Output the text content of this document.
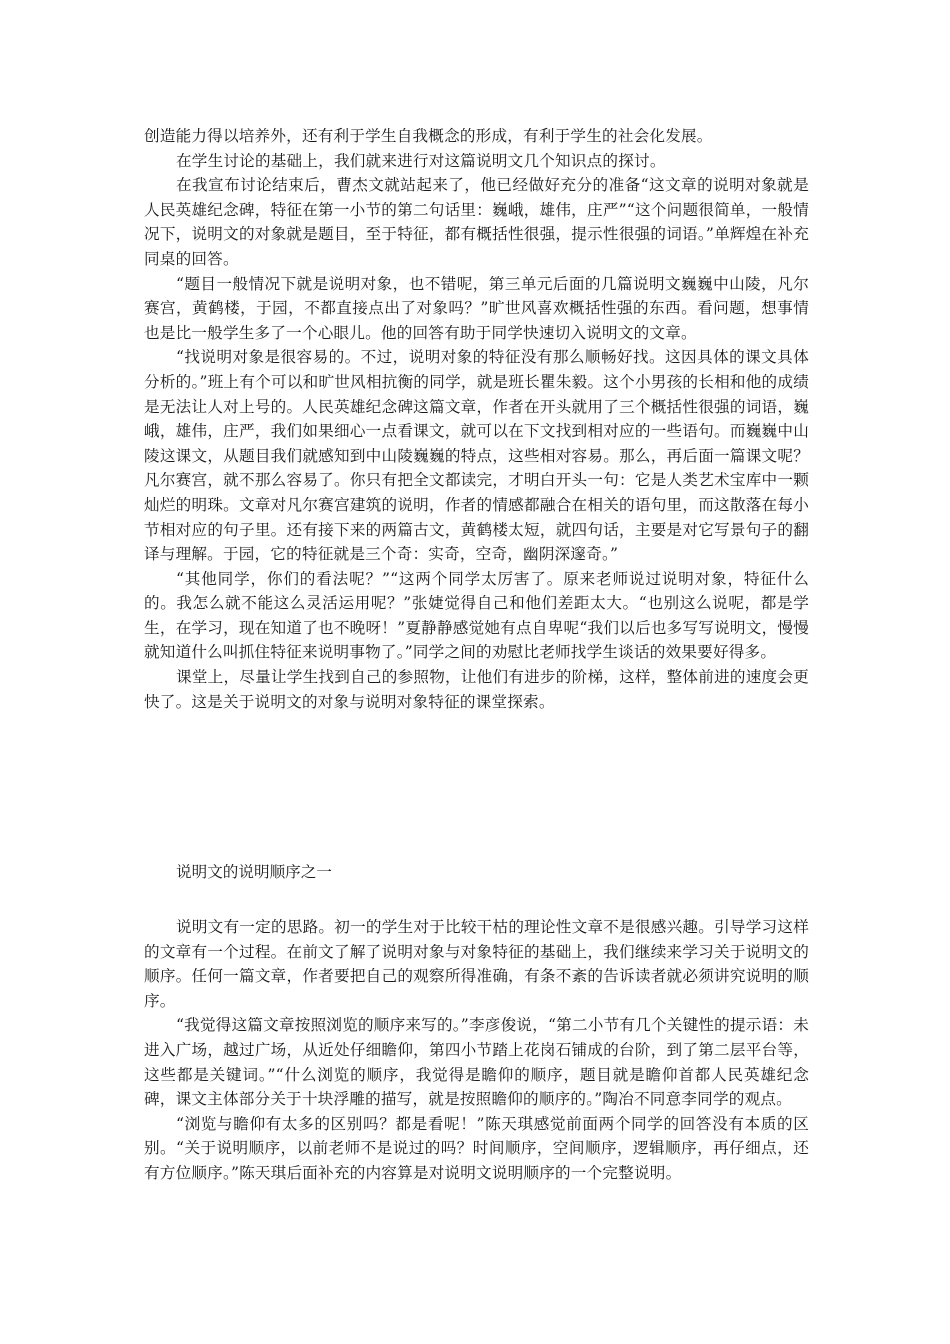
创造能力得以培养外，还有利于学生自我概念的形成，有利于学生的社会化发展。

在学生讨论的基础上，我们就来进行对这篇说明文几个知识点的探讨。

在我宣布讨论结束后，曹杰文就站起来了，他已经做好充分的准备“这文章的说明对象就是人民英雄纪念碑，特征在第一小节的第二句话里：巍峨，雄伟，庄严”“这个问题很简单，一般情况下，说明文的对象就是题目，至于特征，都有概括性很强，提示性很强的词语。”单辉煌在补充同桌的回答。

“题目一般情况下就是说明对象，也不错呢，第三单元后面的几篇说明文巍巍中山陵，凡尔赛宫，黄鹤楼，于园，不都直接点出了对象吗？”旷世风喜欢概括性强的东西。看问题，想事情也是比一般学生多了一个心眼儿。他的回答有助于同学快速切入说明文的文章。

“找说明对象是很容易的。不过，说明对象的特征没有那么顺畅好找。这因具体的课文具体分析的。”班上有个可以和旷世风相抗衡的同学，就是班长瞿朱毅。这个小男孩的长相和他的成绩是无法让人对上号的。人民英雄纪念碑这篇文章，作者在开头就用了三个概括性很强的词语，巍峨，雄伟，庄严，我们如果细心一点看课文，就可以在下文找到相对应的一些语句。而巍巍中山陵这课文，从题目我们就感知到中山陵巍巍的特点，这些相对容易。那么，再后面一篇课文呢？凡尔赛宫，就不那么容易了。你只有把全文都读完，才明白开头一句：它是人类艺术宝库中一颗灿烂的明珠。文章对凡尔赛宫建筑的说明，作者的情感都融合在相关的语句里，而这散落在每小节相对应的句子里。还有接下来的两篇古文，黄鹤楼太短，就四句话，主要是对它写景句子的翻译与理解。于园，它的特征就是三个奇：实奇，空奇，幽阴深邃奇。”

“其他同学，你们的看法呢？”“这两个同学太厉害了。原来老师说过说明对象，特征什么的。我怎么就不能这么灵活运用呢？”张婕觉得自己和他们差距太大。“也别这么说呢，都是学生，在学习，现在知道了也不晚呀！”夏静静感觉她有点自卑呢“我们以后也多写写说明文，慢慢就知道什么叫抓住特征来说明事物了。”同学之间的劝慰比老师找学生谈话的效果要好得多。

课堂上，尽量让学生找到自己的参照物，让他们有进步的阶梯，这样，整体前进的速度会更快了。这是关于说明文的对象与说明对象特征的课堂探索。

说明文的说明顺序之一

说明文有一定的思路。初一的学生对于比较干枯的理论性文章不是很感兴趣。引导学习这样的文章有一个过程。在前文了解了说明对象与对象特征的基础上，我们继续来学习关于说明文的顺序。任何一篇文章，作者要把自己的观察所得准确，有条不紊的告诉读者就必须讲究说明的顺序。

“我觉得这篇文章按照浏览的顺序来写的。”李彦俊说，“第二小节有几个关键性的提示语：未进入广场，越过广场，从近处仔细瞻仰，第四小节踏上花岗石铺成的台阶，到了第二层平台等，这些都是关键词。”“什么浏览的顺序，我觉得是瞻仰的顺序，题目就是瞻仰首都人民英雄纪念碑，课文主体部分关于十块浮雕的描写，就是按照瞻仰的顺序的。”陶冶不同意李同学的观点。

“浏览与瞻仰有太多的区别吗？都是看呢！”陈天琪感觉前面两个同学的回答没有本质的区别。“关于说明顺序，以前老师不是说过的吗？时间顺序，空间顺序，逻辑顺序，再仔细点，还有方位顺序。”陈天琪后面补充的内容算是对说明文说明顺序的一个完整说明。
